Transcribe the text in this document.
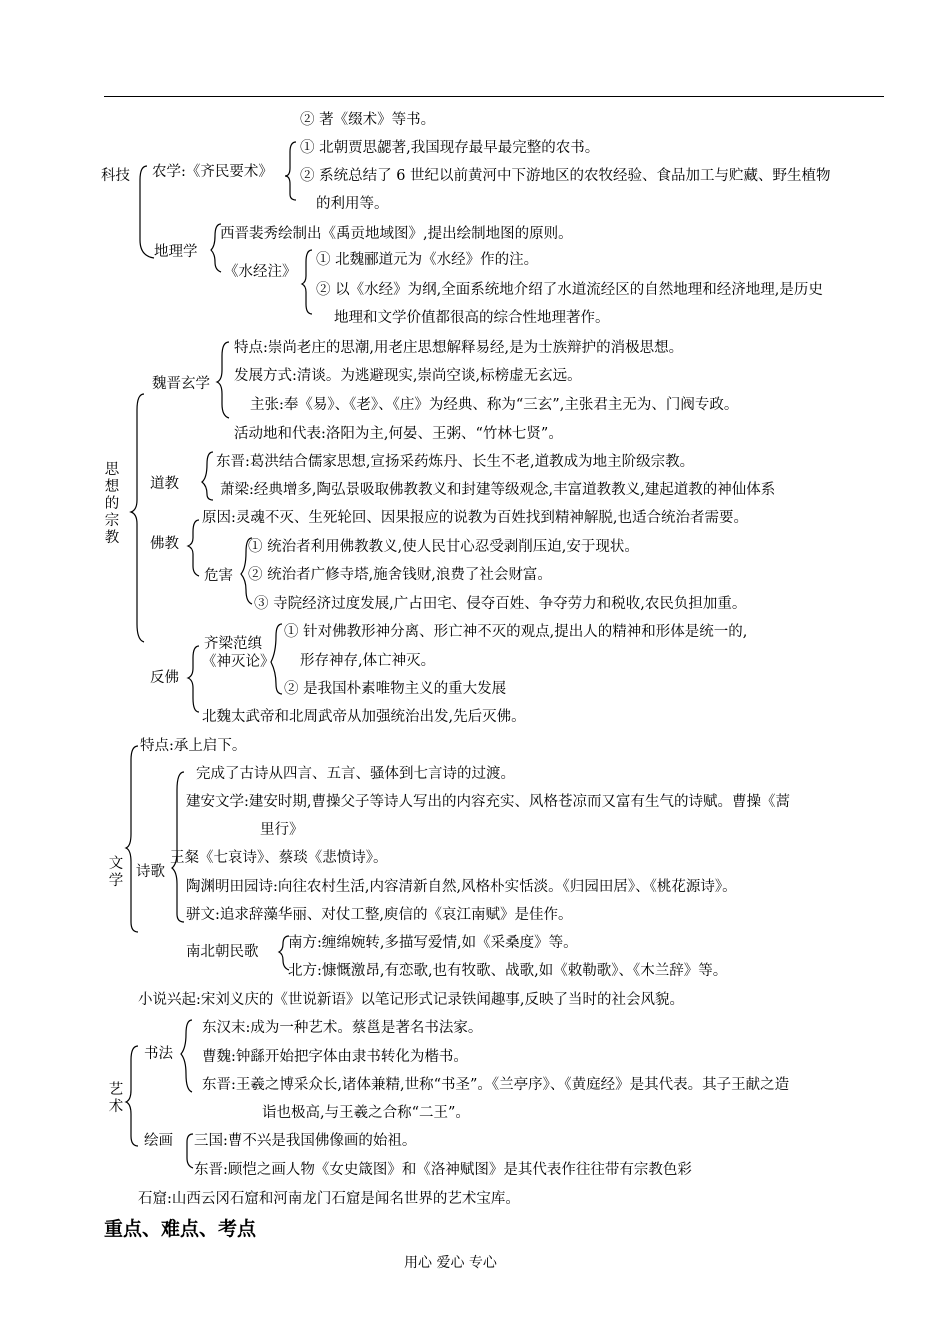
② 著《缀术》等书。
科技 农学:《齐民要术》
① 北朝贾思勰著,我国现存最早最完整的农书。
② 系统总结了 6 世纪以前黄河中下游地区的农牧经验、食品加工与贮藏、野生植物
的利用等。
西晋裴秀绘制出《禹贡地域图》,提出绘制地图的原则。
地理学
《水经注》
① 北魏郦道元为《水经》作的注。
② 以《水经》为纲,全面系统地介绍了水道流经区的自然地理和经济地理,是历史
地理和文学价值都很高的综合性地理著作。
特点:崇尚老庄的思潮,用老庄思想解释易经,是为士族辩护的消极思想。
魏晋玄学 发展方式:清谈。为逃避现实,崇尚空谈,标榜虚无玄远。
主张:奉《易》、《老》、《庄》为经典、称为“三玄”,主张君主无为、门阀专政。
活动地和代表:洛阳为主,何晏、王粥、“竹林七贤”。
思想的宗教
东晋:葛洪结合儒家思想,宣扬采药炼丹、长生不老,道教成为地主阶级宗教。
道教	萧梁:经典增多,陶弘景吸取佛教教义和封建等级观念,丰富道教教义,建起道教的神仙体系
原因:灵魂不灭、生死轮回、因果报应的说教为百姓找到精神解脱,也适合统治者需要。
佛教	① 统治者利用佛教教义,使人民甘心忍受剥削压迫,安于现状。
危害 ② 统治者广修寺塔,施舍钱财,浪费了社会财富。
③ 寺院经济过度发展,广占田宅、侵夺百姓、争夺劳力和税收,农民负担加重。
齐梁范缜
① 针对佛教形神分离、形亡神不灭的观点,提出人的精神和形体是统一的,
《神灭论》 形存神存,体亡神灭。
反佛
② 是我国朴素唯物主义的重大发展
北魏太武帝和北周武帝从加强统治出发,先后灭佛。
特点:承上启下。
完成了古诗从四言、五言、骚体到七言诗的过渡。
建安文学:建安时期,曹操父子等诗人写出的内容充实、风格苍凉而又富有生气的诗赋。曹操《蒿
里行》
文学
王粲《七哀诗》、蔡琰《悲愤诗》。
诗歌
陶渊明田园诗:向往农村生活,内容清新自然,风格朴实恬淡。《归园田居》、《桃花源诗》。
骈文:追求辞藻华丽、对仗工整,庾信的《哀江南赋》是佳作。
南方:缠绵婉转,多描写爱情,如《采桑度》等。
南北朝民歌
北方:慷慨激昂,有恋歌,也有牧歌、战歌,如《敕勒歌》、《木兰辞》等。
小说兴起:宋刘义庆的《世说新语》以笔记形式记录铁闻趣事,反映了当时的社会风貌。
东汉末:成为一种艺术。蔡邕是著名书法家。
书法 曹魏:钟繇开始把字体由隶书转化为楷书。
艺术
东晋:王羲之博采众长,诸体兼精,世称“书圣”。《兰亭序》、《黄庭经》是其代表。其子王献之造
诣也极高,与王羲之合称“二王”。
绘画 三国:曹不兴是我国佛像画的始祖。
东晋:顾恺之画人物《女史箴图》和《洛神赋图》是其代表作往往带有宗教色彩
石窟:山西云冈石窟和河南龙门石窟是闻名世界的艺术宝库。
重点、难点、考点
用心 爱心 专心
